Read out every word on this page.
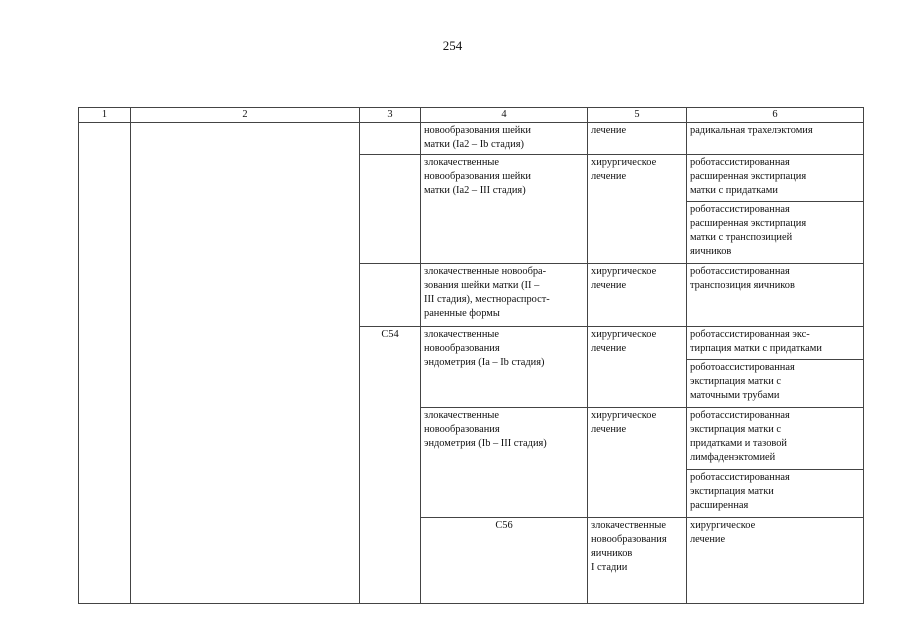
254
1	2	3	4	5	6	
			новообразования шейки
матки (Ia2 – Ib стадия)	лечение	радикальная трахелэктомия	
			злокачественные
новообразования шейки
матки (Ia2 – III стадия)	хирургическое
лечение	роботассистированная
расширенная экстирпация
матки с придатками	
					роботассистированная
расширенная экстирпация
матки с транспозицией
яичников	
			злокачественные новообра-
зования шейки матки (II –
III стадия), местнораспрост-
раненные формы	хирургическое
лечение	роботассистированная
транспозиция яичников	
		C54	злокачественные
новообразования
эндометрия (Ia – Ib стадия)	хирургическое
лечение	роботассистированная экс-
тирпация матки с придатками	
					роботоассистированная
экстирпация матки с
маточными трубами	
			злокачественные
новообразования
эндометрия (Ib – III стадия)	хирургическое
лечение	роботассистированная
экстирпация матки с
придатками и тазовой
лимфаденэктомией	
					роботассистированная
экстирпация матки
расширенная	
			C56	злокачественные
новообразования яичников
I стадии	хирургическое
лечение	
